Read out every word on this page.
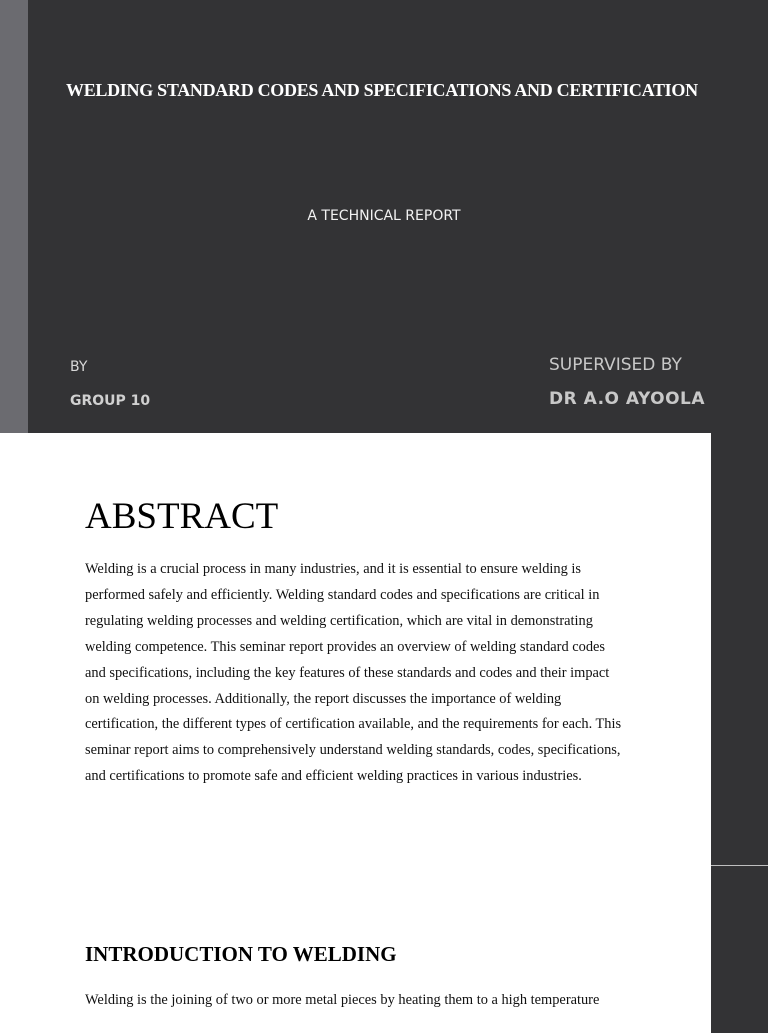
WELDING STANDARD CODES AND SPECIFICATIONS AND CERTIFICATION
A TECHNICAL REPORT
BY
GROUP 10
SUPERVISED BY
DR A.O AYOOLA
ABSTRACT

Welding is a crucial process in many industries, and it is essential to ensure welding is performed safely and efficiently. Welding standard codes and specifications are critical in regulating welding processes and welding certification, which are vital in demonstrating welding competence. This seminar report provides an overview of welding standard codes and specifications, including the key features of these standards and codes and their impact on welding processes. Additionally, the report discusses the importance of welding certification, the different types of certification available, and the requirements for each. This seminar report aims to comprehensively understand welding standards, codes, specifications, and certifications to promote safe and efficient welding practices in various industries.

INTRODUCTION TO WELDING

Welding is the joining of two or more metal pieces by heating them to a high temperature
